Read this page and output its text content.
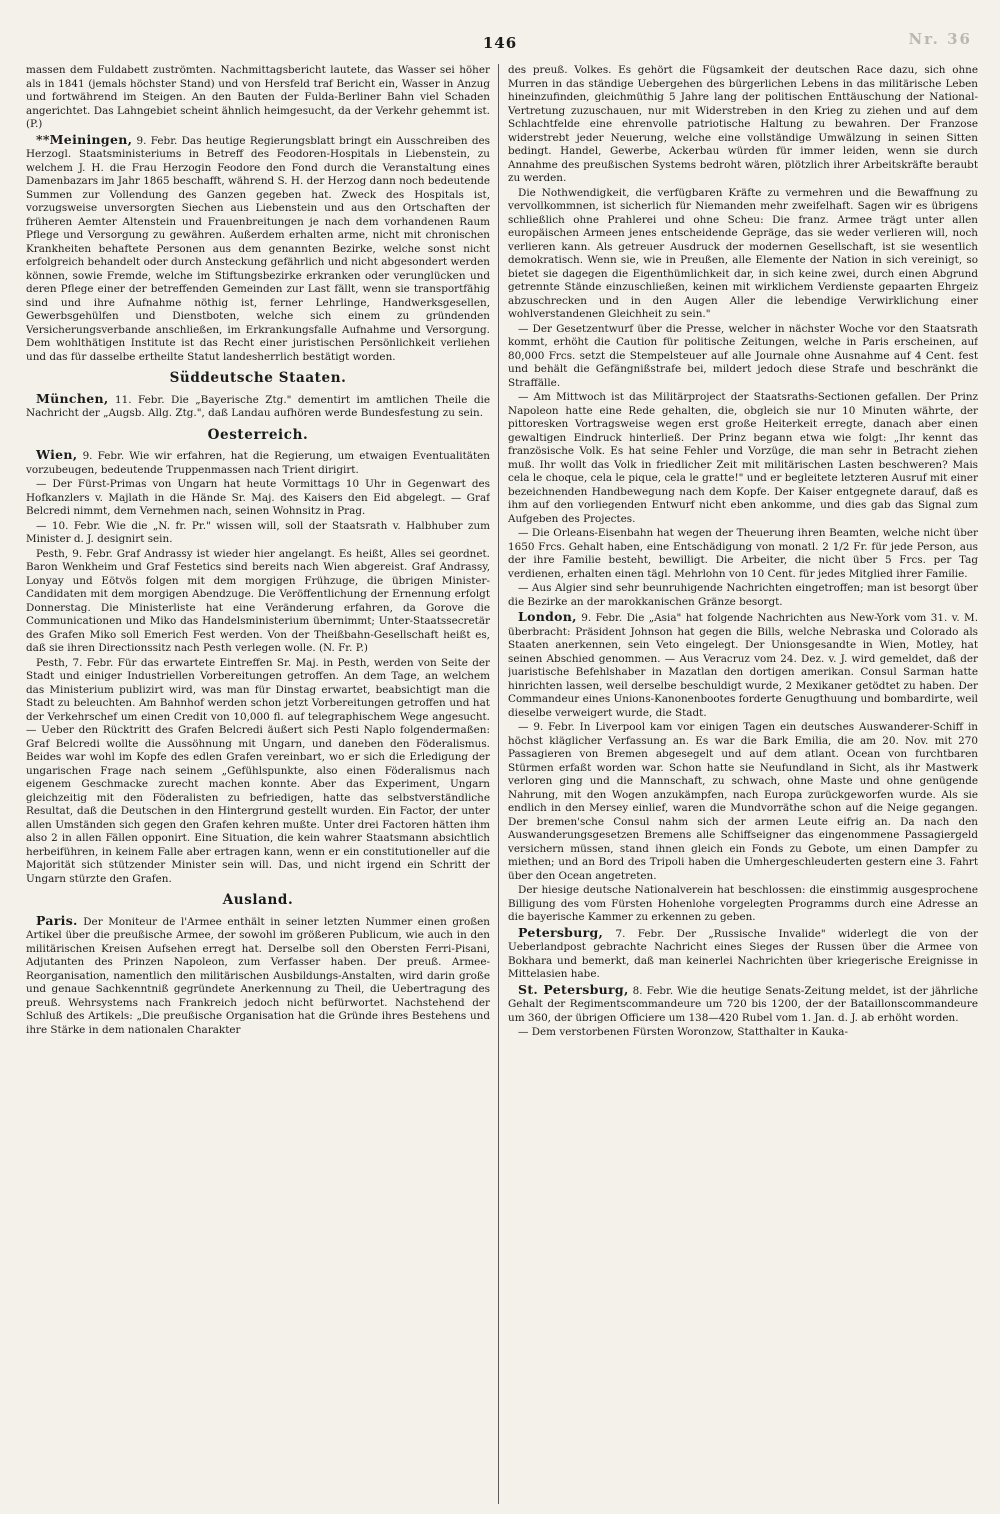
146	Nr. 36

massen dem Fuldabett zuströmten. Nachmittagsbericht lautete, das Wasser sei höher als in 1841 (jemals höchster Stand) und von Hersfeld traf Bericht ein, Wasser in Anzug und fortwährend im Steigen. An den Bauten der Fulda-Berliner Bahn viel Schaden angerichtet. Das Lahngebiet scheint ähnlich heimgesucht, da der Verkehr gehemmt ist. (P.)

**Meiningen, 9. Febr. Das heutige Regierungsblatt bringt ein Ausschreiben des Herzogl. Staatsministeriums in Betreff des Feodoren-Hospitals in Liebenstein, zu welchem J. H. die Frau Herzogin Feodore den Fond durch die Veranstaltung eines Damenbazars im Jahr 1865 beschafft, während S. H. der Herzog dann noch bedeutende Summen zur Vollendung des Ganzen gegeben hat. Zweck des Hospitals ist, vorzugsweise unversorgten Siechen aus Liebenstein und aus den Ortschaften der früheren Aemter Altenstein und Frauenbreitungen je nach dem vorhandenen Raum Pflege und Versorgung zu gewähren. Außerdem erhalten arme, nicht mit chronischen Krankheiten behaftete Personen aus dem genannten Bezirke, welche sonst nicht erfolgreich behandelt oder durch Ansteckung gefährlich und nicht abgesondert werden können, sowie Fremde, welche im Stiftungsbezirke erkranken oder verunglücken und deren Pflege einer der betreffenden Gemeinden zur Last fällt, wenn sie transportfähig sind und ihre Aufnahme nöthig ist, ferner Lehrlinge, Handwerksgesellen, Gewerbsgehülfen und Dienstboten, welche sich einem zu gründenden Versicherungsverbande anschließen, im Erkrankungsfalle Aufnahme und Versorgung. Dem wohlthätigen Institute ist das Recht einer juristischen Persönlichkeit verliehen und das für dasselbe ertheilte Statut landesherrlich bestätigt worden.

Süddeutsche Staaten.

München, 11. Febr. Die „Bayerische Ztg." dementirt im amtlichen Theile die Nachricht der „Augsb. Allg. Ztg.", daß Landau aufhören werde Bundesfestung zu sein.

Oesterreich.

Wien, 9. Febr. Wie wir erfahren, hat die Regierung, um etwaigen Eventualitäten vorzubeugen, bedeutende Truppenmassen nach Trient dirigirt.

— Der Fürst-Primas von Ungarn hat heute Vormittags 10 Uhr in Gegenwart des Hofkanzlers v. Majlath in die Hände Sr. Maj. des Kaisers den Eid abgelegt. — Graf Belcredi nimmt, dem Vernehmen nach, seinen Wohnsitz in Prag.

— 10. Febr. Wie die „N. fr. Pr." wissen will, soll der Staatsrath v. Halbhuber zum Minister d. J. designirt sein.

Pesth, 9. Febr. Graf Andrassy ist wieder hier angelangt. Es heißt, Alles sei geordnet. Baron Wenkheim und Graf Festetics sind bereits nach Wien abgereist. Graf Andrassy, Lonyay und Eötvös folgen mit dem morgigen Frühzuge, die übrigen Minister-Candidaten mit dem morgigen Abendzuge. Die Veröffentlichung der Ernennung erfolgt Donnerstag. Die Ministerliste hat eine Veränderung erfahren, da Gorove die Communicationen und Miko das Handelsministerium übernimmt; Unter-Staatssecretär des Grafen Miko soll Emerich Fest werden. Von der Theißbahn-Gesellschaft heißt es, daß sie ihren Directionssitz nach Pesth verlegen wolle. (N. Fr. P.)

Pesth, 7. Febr. Für das erwartete Eintreffen Sr. Maj. in Pesth, werden von Seite der Stadt und einiger Industriellen Vorbereitungen getroffen. An dem Tage, an welchem das Ministerium publizirt wird, was man für Dinstag erwartet, beabsichtigt man die Stadt zu beleuchten. Am Bahnhof werden schon jetzt Vorbereitungen getroffen und hat der Verkehrschef um einen Credit von 10,000 fl. auf telegraphischem Wege angesucht. — Ueber den Rücktritt des Grafen Belcredi äußert sich Pesti Naplo folgendermaßen: Graf Belcredi wollte die Aussöhnung mit Ungarn, und daneben den Föderalismus. Beides war wohl im Kopfe des edlen Grafen vereinbart, wo er sich die Erledigung der ungarischen Frage nach seinem „Gefühlspunkte, also einen Föderalismus nach eigenem Geschmacke zurecht machen konnte. Aber das Experiment, Ungarn gleichzeitig mit den Föderalisten zu befriedigen, hatte das selbstverständliche Resultat, daß die Deutschen in den Hintergrund gestellt wurden. Ein Factor, der unter allen Umständen sich gegen den Grafen kehren mußte. Unter drei Factoren hätten ihm also 2 in allen Fällen opponirt. Eine Situation, die kein wahrer Staatsmann absichtlich herbeiführen, in keinem Falle aber ertragen kann, wenn er ein constitutioneller auf die Majorität sich stützender Minister sein will. Das, und nicht irgend ein Schritt der Ungarn stürzte den Grafen.

Ausland.

Paris. Der Moniteur de l'Armee enthält in seiner letzten Nummer einen großen Artikel über die preußische Armee, der sowohl im größeren Publicum, wie auch in den militärischen Kreisen Aufsehen erregt hat. Derselbe soll den Obersten Ferri-Pisani, Adjutanten des Prinzen Napoleon, zum Verfasser haben. Der preuß. Armee-Reorganisation, namentlich den militärischen Ausbildungs-Anstalten, wird darin große und genaue Sachkenntniß gegründete Anerkennung zu Theil, die Uebertragung des preuß. Wehrsystems nach Frankreich jedoch nicht befürwortet. Nachstehend der Schluß des Artikels: „Die preußische Organisation hat die Gründe ihres Bestehens und ihre Stärke in dem nationalen Charakter

des preuß. Volkes. Es gehört die Fügsamkeit der deutschen Race dazu, sich ohne Murren in das ständige Uebergehen des bürgerlichen Lebens in das militärische Leben hineinzufinden, gleichmüthig 5 Jahre lang der politischen Enttäuschung der National-Vertretung zuzuschauen, nur mit Widerstreben in den Krieg zu ziehen und auf dem Schlachtfelde eine ehrenvolle patriotische Haltung zu bewahren. Der Franzose widerstrebt jeder Neuerung, welche eine vollständige Umwälzung in seinen Sitten bedingt. Handel, Gewerbe, Ackerbau würden für immer leiden, wenn sie durch Annahme des preußischen Systems bedroht wären, plötzlich ihrer Arbeitskräfte beraubt zu werden.

Die Nothwendigkeit, die verfügbaren Kräfte zu vermehren und die Bewaffnung zu vervollkommnen, ist sicherlich für Niemanden mehr zweifelhaft. Sagen wir es übrigens schließlich ohne Prahlerei und ohne Scheu: Die franz. Armee trägt unter allen europäischen Armeen jenes entscheidende Gepräge, das sie weder verlieren will, noch verlieren kann. Als getreuer Ausdruck der modernen Gesellschaft, ist sie wesentlich demokratisch. Wenn sie, wie in Preußen, alle Elemente der Nation in sich vereinigt, so bietet sie dagegen die Eigenthümlichkeit dar, in sich keine zwei, durch einen Abgrund getrennte Stände einzuschließen, keinen mit wirklichem Verdienste gepaarten Ehrgeiz abzuschrecken und in den Augen Aller die lebendige Verwirklichung einer wohlverstandenen Gleichheit zu sein."

— Der Gesetzentwurf über die Presse, welcher in nächster Woche vor den Staatsrath kommt, erhöht die Caution für politische Zeitungen, welche in Paris erscheinen, auf 80,000 Frcs. setzt die Stempelsteuer auf alle Journale ohne Ausnahme auf 4 Cent. fest und behält die Gefängnißstrafe bei, mildert jedoch diese Strafe und beschränkt die Straffälle.

— Am Mittwoch ist das Militärproject der Staatsraths-Sectionen gefallen. Der Prinz Napoleon hatte eine Rede gehalten, die, obgleich sie nur 10 Minuten währte, der pittoresken Vortragsweise wegen erst große Heiterkeit erregte, danach aber einen gewaltigen Eindruck hinterließ. Der Prinz begann etwa wie folgt: „Ihr kennt das französische Volk. Es hat seine Fehler und Vorzüge, die man sehr in Betracht ziehen muß. Ihr wollt das Volk in friedlicher Zeit mit militärischen Lasten beschweren? Mais cela le choque, cela le pique, cela le gratte!" und er begleitete letzteren Ausruf mit einer bezeichnenden Handbewegung nach dem Kopfe. Der Kaiser entgegnete darauf, daß es ihm auf den vorliegenden Entwurf nicht eben ankomme, und dies gab das Signal zum Aufgeben des Projectes.

— Die Orleans-Eisenbahn hat wegen der Theuerung ihren Beamten, welche nicht über 1650 Frcs. Gehalt haben, eine Entschädigung von monatl. 2 1/2 Fr. für jede Person, aus der ihre Familie besteht, bewilligt. Die Arbeiter, die nicht über 5 Frcs. per Tag verdienen, erhalten einen tägl. Mehrlohn von 10 Cent. für jedes Mitglied ihrer Familie.

— Aus Algier sind sehr beunruhigende Nachrichten eingetroffen; man ist besorgt über die Bezirke an der marokkanischen Gränze besorgt.

London, 9. Febr. Die „Asia" hat folgende Nachrichten aus New-York vom 31. v. M. überbracht: Präsident Johnson hat gegen die Bills, welche Nebraska und Colorado als Staaten anerkennen, sein Veto eingelegt. Der Unionsgesandte in Wien, Motley, hat seinen Abschied genommen. — Aus Veracruz vom 24. Dez. v. J. wird gemeldet, daß der juaristische Befehlshaber in Mazatlan den dortigen amerikan. Consul Sarman hatte hinrichten lassen, weil derselbe beschuldigt wurde, 2 Mexikaner getödtet zu haben. Der Commandeur eines Unions-Kanonenbootes forderte Genugthuung und bombardirte, weil dieselbe verweigert wurde, die Stadt.

— 9. Febr. In Liverpool kam vor einigen Tagen ein deutsches Auswanderer-Schiff in höchst kläglicher Verfassung an. Es war die Bark Emilia, die am 20. Nov. mit 270 Passagieren von Bremen abgesegelt und auf dem atlant. Ocean von furchtbaren Stürmen erfaßt worden war. Schon hatte sie Neufundland in Sicht, als ihr Mastwerk verloren ging und die Mannschaft, zu schwach, ohne Maste und ohne genügende Nahrung, mit den Wogen anzukämpfen, nach Europa zurückgeworfen wurde. Als sie endlich in den Mersey einlief, waren die Mundvorräthe schon auf die Neige gegangen. Der bremen'sche Consul nahm sich der armen Leute eifrig an. Da nach den Auswanderungsgesetzen Bremens alle Schiffseigner das eingenommene Passagiergeld versichern müssen, stand ihnen gleich ein Fonds zu Gebote, um einen Dampfer zu miethen; und an Bord des Tripoli haben die Umhergeschleuderten gestern eine 3. Fahrt über den Ocean angetreten.

Der hiesige deutsche Nationalverein hat beschlossen: die einstimmig ausgesprochene Billigung des vom Fürsten Hohenlohe vorgelegten Programms durch eine Adresse an die bayerische Kammer zu erkennen zu geben.

Petersburg, 7. Febr. Der „Russische Invalide" widerlegt die von der Ueberlandpost gebrachte Nachricht eines Sieges der Russen über die Armee von Bokhara und bemerkt, daß man keinerlei Nachrichten über kriegerische Ereignisse in Mittelasien habe.

St. Petersburg, 8. Febr. Wie die heutige Senats-Zeitung meldet, ist der jährliche Gehalt der Regimentscommandeure um 720 bis 1200, der der Bataillonscommandeure um 360, der übrigen Officiere um 138—420 Rubel vom 1. Jan. d. J. ab erhöht worden.

— Dem verstorbenen Fürsten Woronzow, Statthalter in Kauka-
